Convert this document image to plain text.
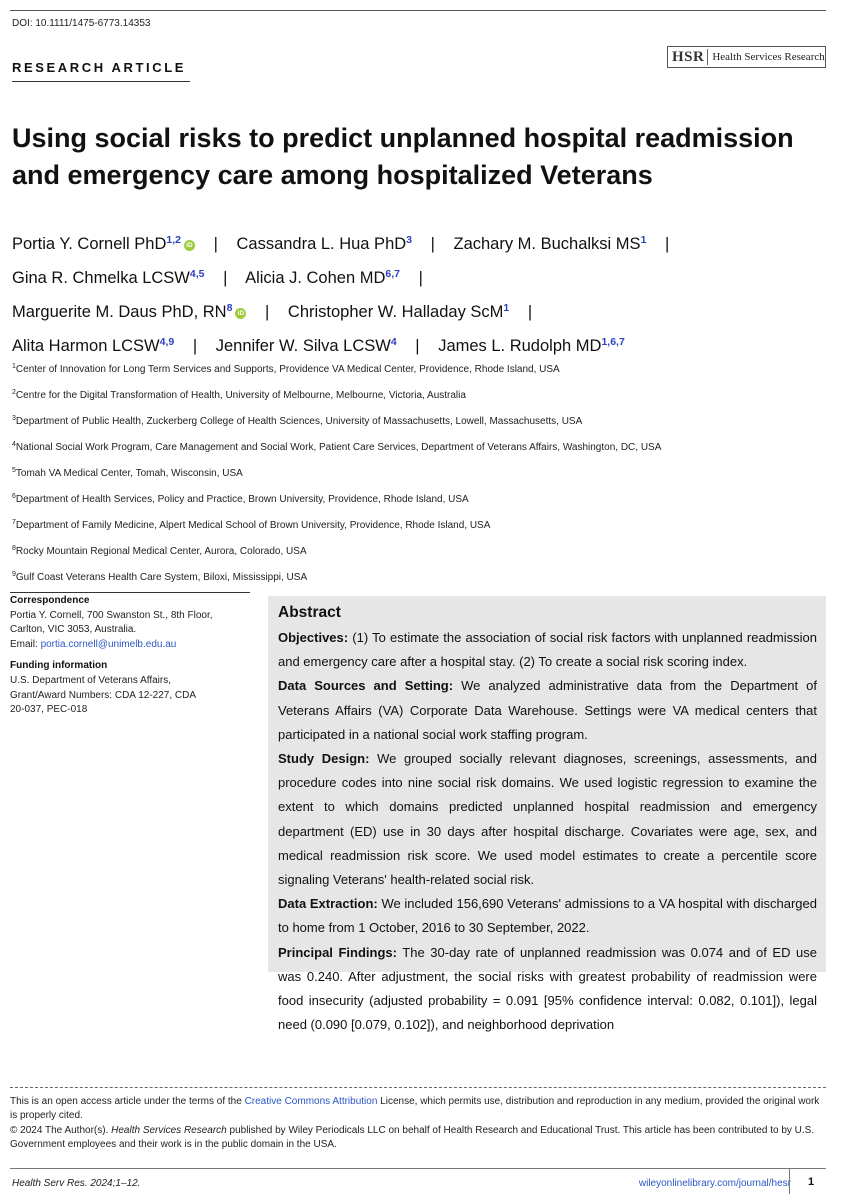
DOI: 10.1111/1475-6773.14353
RESEARCH ARTICLE
HSR Health Services Research
Using social risks to predict unplanned hospital readmission and emergency care among hospitalized Veterans
Portia Y. Cornell PhD$^{1,2}$ iD | Cassandra L. Hua PhD$^3$ | Zachary M. Buchalksi $MS^1$ |
Gina R. Chmelka LCSW$^{4,5}$ | Alicia J. Cohen MD$^{6,7}$ |
Marguerite M. Daus PhD, $RN^8$ iD | Christopher W. Halladay ScM$^1$ |
Alita Harmon LCSW$^{4,9}$ | Jennifer W. Silva LCSW$^4$ | James L. Rudolph MD$^{1,6,7}$
$^1$Center of Innovation for Long Term Services and Supports, Providence VA Medical Center, Providence, Rhode Island, USA
$^2$Centre for the Digital Transformation of Health, University of Melbourne, Melbourne, Victoria, Australia
$^3$Department of Public Health, Zuckerberg College of Health Sciences, University of Massachusetts, Lowell, Massachusetts, USA
$^4$National Social Work Program, Care Management and Social Work, Patient Care Services, Department of Veterans Affairs, Washington, DC, USA
$^5$Tomah VA Medical Center, Tomah, Wisconsin, USA
$^6$Department of Health Services, Policy and Practice, Brown University, Providence, Rhode Island, USA
$^7$Department of Family Medicine, Alpert Medical School of Brown University, Providence, Rhode Island, USA
$^8$Rocky Mountain Regional Medical Center, Aurora, Colorado, USA
$^9$Gulf Coast Veterans Health Care System, Biloxi, Mississippi, USA
Correspondence
Portia Y. Cornell, 700 Swanston St., 8th Floor,
Carlton, VIC 3053, Australia.
Email: portia.cornell@unimelb.edu.au
Funding information
U.S. Department of Veterans Affairs,
Grant/Award Numbers: CDA 12-227, CDA
20-037, PEC-018
Abstract
Objectives: (1) To estimate the association of social risk factors with unplanned readmission and emergency care after a hospital stay. (2) To create a social risk scoring index.
Data Sources and Setting: We analyzed administrative data from the Department of Veterans Affairs (VA) Corporate Data Warehouse. Settings were VA medical centers that participated in a national social work staffing program.
Study Design: We grouped socially relevant diagnoses, screenings, assessments, and procedure codes into nine social risk domains. We used logistic regression to examine the extent to which domains predicted unplanned hospital readmission and emergency department (ED) use in 30 days after hospital discharge. Covariates were age, sex, and medical readmission risk score. We used model estimates to create a percentile score signaling Veterans' health-related social risk.
Data Extraction: We included 156,690 Veterans' admissions to a VA hospital with discharged to home from 1 October, 2016 to 30 September, 2022.
Principal Findings: The 30-day rate of unplanned readmission was 0.074 and of ED use was 0.240. After adjustment, the social risks with greatest probability of readmission were food insecurity (adjusted probability = 0.091 [95% confidence interval: 0.082, 0.101]), legal need (0.090 [0.079, 0.102]), and neighborhood deprivation
This is an open access article under the terms of the Creative Commons Attribution License, which permits use, distribution and reproduction in any medium, provided the original work is properly cited.
© 2024 The Author(s). Health Services Research published by Wiley Periodicals LLC on behalf of Health Research and Educational Trust. This article has been contributed to by U.S. Government employees and their work is in the public domain in the USA.
Health Serv Res. 2024;1–12.	wileyonlinelibrary.com/journal/hesr 1
